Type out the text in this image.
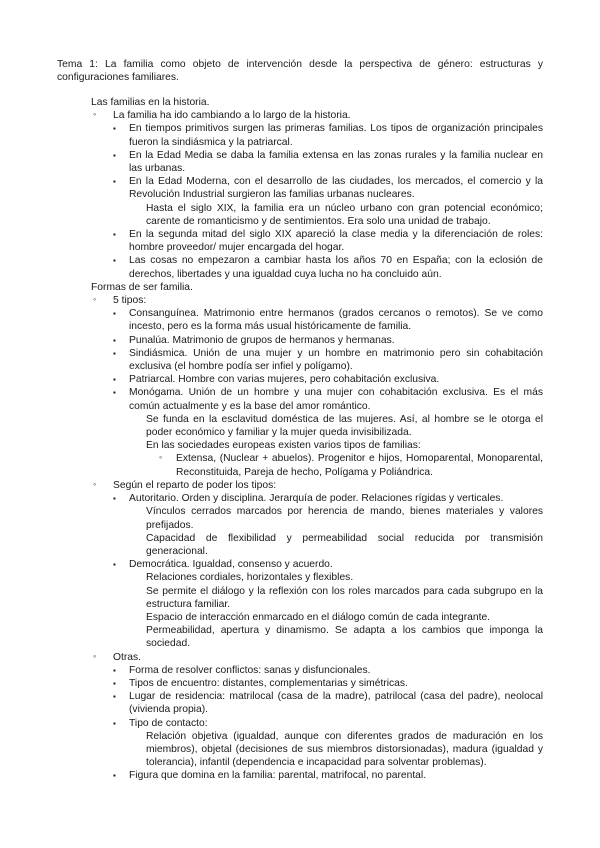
Tema 1: La familia como objeto de intervención desde la perspectiva de género: estructuras y configuraciones familiares.
Las familias en la historia.
◦ La familia ha ido cambiando a lo largo de la historia.
▪ En tiempos primitivos surgen las primeras familias. Los tipos de organización principales fueron la sindiásmica y la patriarcal.
▪ En la Edad Media se daba la familia extensa en las zonas rurales y la familia nuclear en las urbanas.
▪ En la Edad Moderna, con el desarrollo de las ciudades, los mercados, el comercio y la Revolución Industrial surgieron las familias urbanas nucleares.
Hasta el siglo XIX, la familia era un núcleo urbano con gran potencial económico; carente de romanticismo y de sentimientos. Era solo una unidad de trabajo.
▪ En la segunda mitad del siglo XIX apareció la clase media y la diferenciación de roles: hombre proveedor/ mujer encargada del hogar.
▪ Las cosas no empezaron a cambiar hasta los años 70 en España; con la eclosión de derechos, libertades y una igualdad cuya lucha no ha concluido aún.
Formas de ser familia.
◦ 5 tipos:
▪ Consanguínea. Matrimonio entre hermanos (grados cercanos o remotos). Se ve como incesto, pero es la forma más usual históricamente de familia.
▪ Punalúa. Matrimonio de grupos de hermanos y hermanas.
▪ Sindiásmica. Unión de una mujer y un hombre en matrimonio pero sin cohabitación exclusiva (el hombre podía ser infiel y polígamo).
▪ Patriarcal. Hombre con varias mujeres, pero cohabitación exclusiva.
▪ Monógama. Unión de un hombre y una mujer con cohabitación exclusiva. Es el más común actualmente y es la base del amor romántico.
Se funda en la esclavitud doméstica de las mujeres. Así, al hombre se le otorga el poder económico y familiar y la mujer queda invisibilizada.
En las sociedades europeas existen varios tipos de familias:
◦ Extensa, (Nuclear + abuelos). Progenitor e hijos, Homoparental, Monoparental, Reconstituida, Pareja de hecho, Polígama y Poliándrica.
◦ Según el reparto de poder los tipos:
▪ Autoritario. Orden y disciplina. Jerarquía de poder. Relaciones rígidas y verticales.
Vínculos cerrados marcados por herencia de mando, bienes materiales y valores prefijados.
Capacidad de flexibilidad y permeabilidad social reducida por transmisión generacional.
▪ Democrática. Igualdad, consenso y acuerdo.
Relaciones cordiales, horizontales y flexibles.
Se permite el diálogo y la reflexión con los roles marcados para cada subgrupo en la estructura familiar.
Espacio de interacción enmarcado en el diálogo común de cada integrante.
Permeabilidad, apertura y dinamismo. Se adapta a los cambios que imponga la sociedad.
◦ Otras.
▪ Forma de resolver conflictos: sanas y disfuncionales.
▪ Tipos de encuentro: distantes, complementarias y simétricas.
▪ Lugar de residencia: matrilocal (casa de la madre), patrilocal (casa del padre), neolocal (vivienda propia).
▪ Tipo de contacto:
Relación objetiva (igualdad, aunque con diferentes grados de maduración en los miembros), objetal (decisiones de sus miembros distorsionadas), madura (igualdad y tolerancia), infantil (dependencia e incapacidad para solventar problemas).
▪ Figura que domina en la familia: parental, matrifocal, no parental.
